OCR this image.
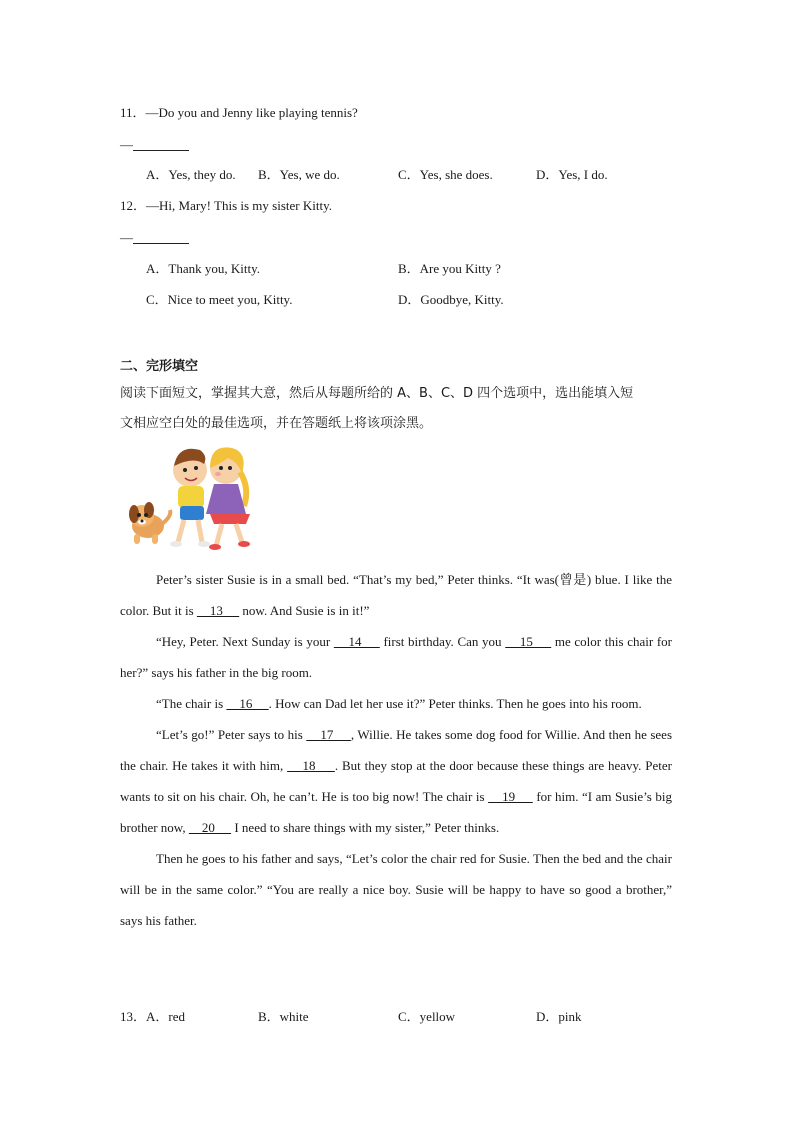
11．—Do you and Jenny like playing tennis?
—
A．Yes, they do. B．Yes, we do.	C．Yes, she does.	D．Yes, I do.
12．—Hi, Mary! This is my sister Kitty.
—
A．Thank you, Kitty.	B．Are you Kitty ?
C．Nice to meet you, Kitty.	D．Goodbye, Kitty.
二、完形填空
阅读下面短文，掌握其大意，然后从每题所给的 A、B、C、D 四个选项中，选出能填入短
文相应空白处的最佳选项，并在答题纸上将该项涂黑。

Peter’s sister Susie is in a small bed. “That’s my bed,” Peter thinks. “It was(曾是) blue. I like the color. But it is     13      now. And Susie is in it!”

“Hey, Peter. Next Sunday is your     14      first birthday. Can you     15      me color this chair for her?” says his father in the big room.

“The chair is     16     . How can Dad let her use it?” Peter thinks. Then he goes into his room.

“Let’s go!” Peter says to his     17     , Willie. He takes some dog food for Willie. And then he sees the chair. He takes it with him,     18     . But they stop at the door because these things are heavy. Peter wants to sit on his chair. Oh, he can’t. He is too big now! The chair is     19      for him. “I am Susie’s big brother now,     20      I need to share things with my sister,” Peter thinks.

Then he goes to his father and says, “Let’s color the chair red for Susie. Then the bed and the chair will be in the same color.” “You are really a nice boy. Susie will be happy to have so good a brother,” says his father.

13．A．red	B．white	C．yellow	D．pink
